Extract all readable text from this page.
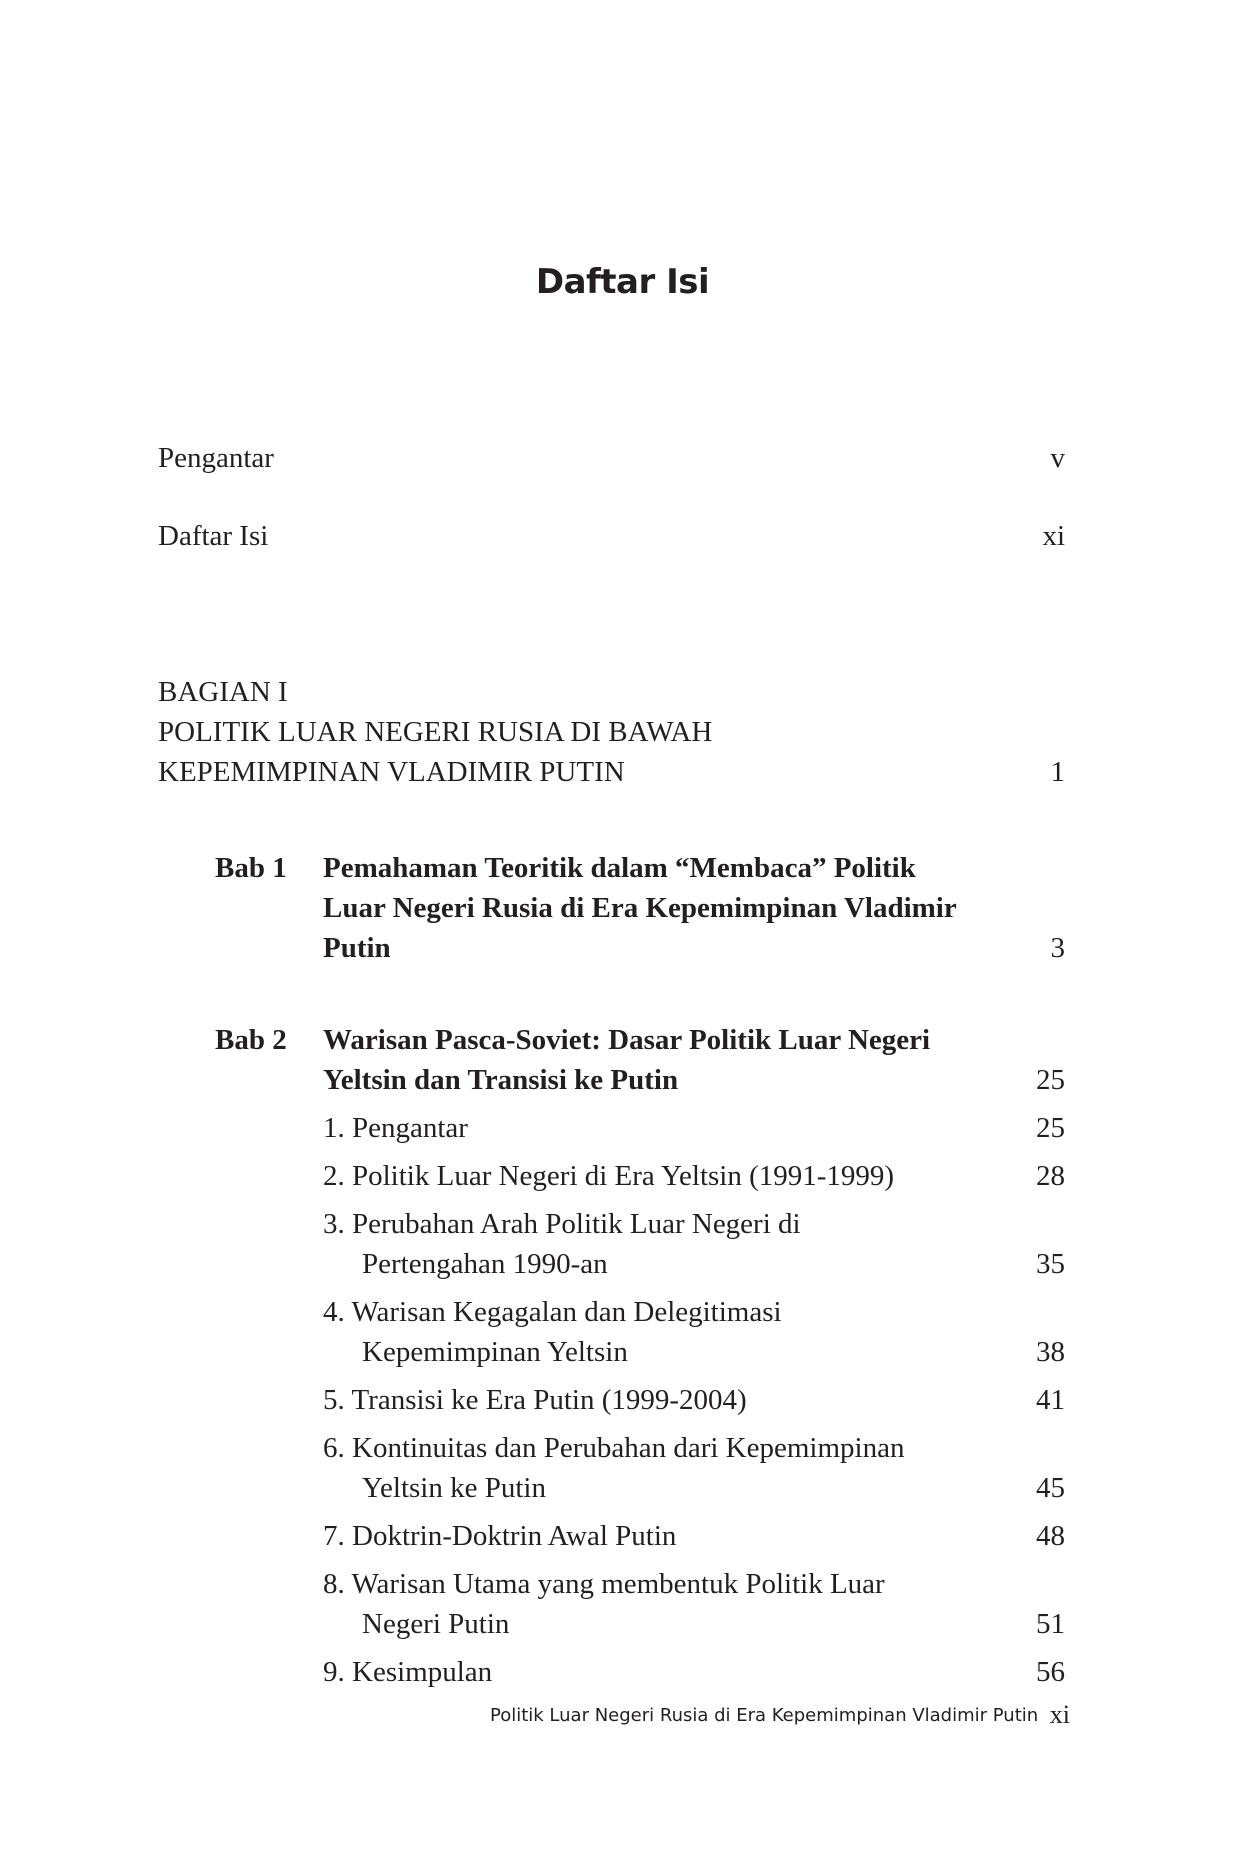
Daftar Isi
Pengantar	v
Daftar Isi	xi
BAGIAN I
POLITIK LUAR NEGERI RUSIA DI BAWAH
KEPEMIMPINAN VLADIMIR PUTIN	1
Bab 1 Pemahaman Teoritik dalam “Membaca” Politik
Luar Negeri Rusia di Era Kepemimpinan Vladimir
Putin	3
Bab 2 Warisan Pasca-Soviet: Dasar Politik Luar Negeri
Yeltsin dan Transisi ke Putin	25
1. Pengantar	25
2. Politik Luar Negeri di Era Yeltsin (1991-1999)	28
3. Perubahan Arah Politik Luar Negeri di
Pertengahan 1990-an	35
4. Warisan Kegagalan dan Delegitimasi
Kepemimpinan Yeltsin	38
5. Transisi ke Era Putin (1999-2004)	41
6. Kontinuitas dan Perubahan dari Kepemimpinan
Yeltsin ke Putin	45
7. Doktrin-Doktrin Awal Putin	48
8. Warisan Utama yang membentuk Politik Luar
Negeri Putin	51
9. Kesimpulan	56
Politik Luar Negeri Rusia di Era Kepemimpinan Vladimir Putin xi
